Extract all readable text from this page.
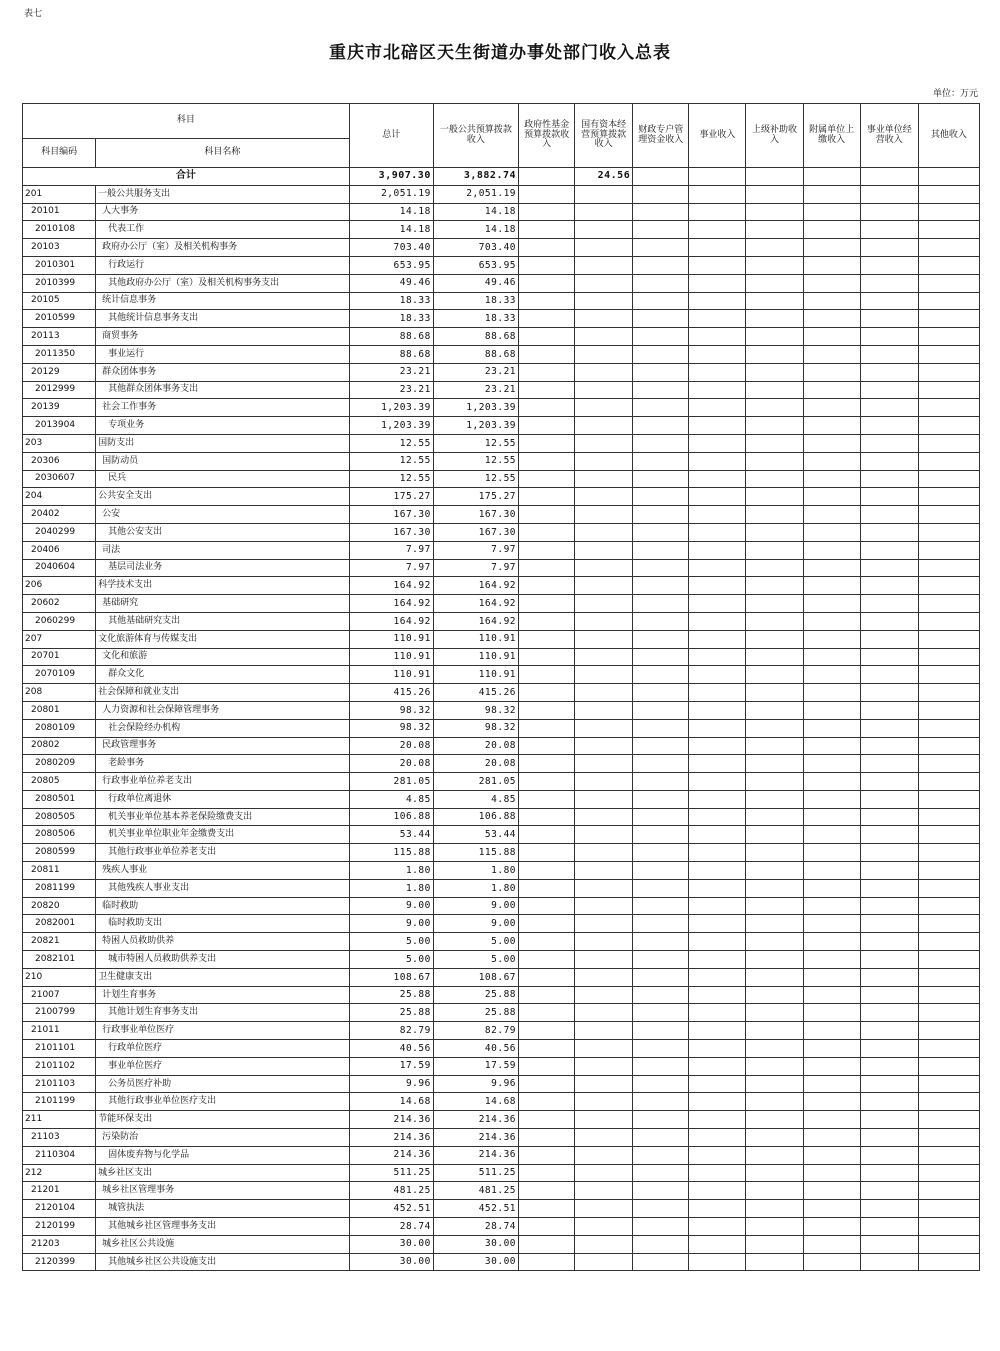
表七
重庆市北碚区天生街道办事处部门收入总表
单位：万元
科目		总计	一般公共预算拨款收入	政府性基金预算拨款收入	国有资本经营预算拨款收入	财政专户管理资金收入	事业收入	上级补助收入	附属单位上缴收入	事业单位经营收入	其他收入
科目编码	科目名称										
合计		3,907.30	3,882.74		24.56						
201	一般公共服务支出	2,051.19	2,051.19								
20101	人大事务	14.18	14.18								
2010108	代表工作	14.18	14.18								
20103	政府办公厅（室）及相关机构事务	703.40	703.40								
2010301	行政运行	653.95	653.95								
2010399	其他政府办公厅（室）及相关机构事务支出	49.46	49.46								
20105	统计信息事务	18.33	18.33								
2010599	其他统计信息事务支出	18.33	18.33								
20113	商贸事务	88.68	88.68								
2011350	事业运行	88.68	88.68								
20129	群众团体事务	23.21	23.21								
2012999	其他群众团体事务支出	23.21	23.21								
20139	社会工作事务	1,203.39	1,203.39								
2013904	专项业务	1,203.39	1,203.39								
203	国防支出	12.55	12.55								
20306	国防动员	12.55	12.55								
2030607	民兵	12.55	12.55								
204	公共安全支出	175.27	175.27								
20402	公安	167.30	167.30								
2040299	其他公安支出	167.30	167.30								
20406	司法	7.97	7.97								
2040604	基层司法业务	7.97	7.97								
206	科学技术支出	164.92	164.92								
20602	基础研究	164.92	164.92								
2060299	其他基础研究支出	164.92	164.92								
207	文化旅游体育与传媒支出	110.91	110.91								
20701	文化和旅游	110.91	110.91								
2070109	群众文化	110.91	110.91								
208	社会保障和就业支出	415.26	415.26								
20801	人力资源和社会保障管理事务	98.32	98.32								
2080109	社会保险经办机构	98.32	98.32								
20802	民政管理事务	20.08	20.08								
2080209	老龄事务	20.08	20.08								
20805	行政事业单位养老支出	281.05	281.05								
2080501	行政单位离退休	4.85	4.85								
2080505	机关事业单位基本养老保险缴费支出	106.88	106.88								
2080506	机关事业单位职业年金缴费支出	53.44	53.44								
2080599	其他行政事业单位养老支出	115.88	115.88								
20811	残疾人事业	1.80	1.80								
2081199	其他残疾人事业支出	1.80	1.80								
20820	临时救助	9.00	9.00								
2082001	临时救助支出	9.00	9.00								
20821	特困人员救助供养	5.00	5.00								
2082101	城市特困人员救助供养支出	5.00	5.00								
210	卫生健康支出	108.67	108.67								
21007	计划生育事务	25.88	25.88								
2100799	其他计划生育事务支出	25.88	25.88								
21011	行政事业单位医疗	82.79	82.79								
2101101	行政单位医疗	40.56	40.56								
2101102	事业单位医疗	17.59	17.59								
2101103	公务员医疗补助	9.96	9.96								
2101199	其他行政事业单位医疗支出	14.68	14.68								
211	节能环保支出	214.36	214.36								
21103	污染防治	214.36	214.36								
2110304	固体废弃物与化学品	214.36	214.36								
212	城乡社区支出	511.25	511.25								
21201	城乡社区管理事务	481.25	481.25								
2120104	城管执法	452.51	452.51								
2120199	其他城乡社区管理事务支出	28.74	28.74								
21203	城乡社区公共设施	30.00	30.00								
2120399	其他城乡社区公共设施支出	30.00	30.00								
